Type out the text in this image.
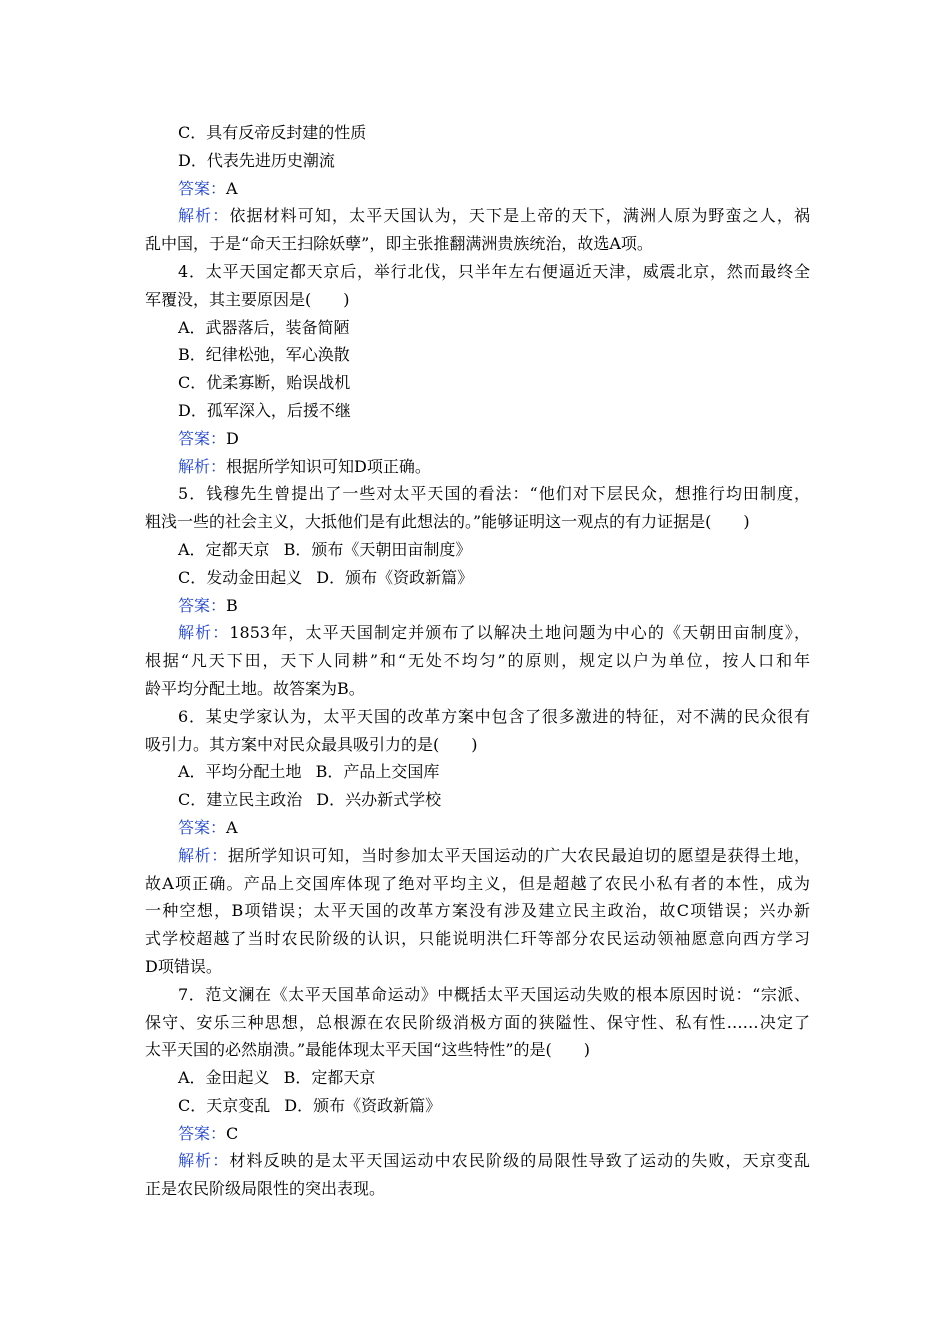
C．具有反帝反封建的性质
D．代表先进历史潮流
答案：A
解析：依据材料可知，太平天国认为，天下是上帝的天下，满洲人原为野蛮之人，祸
乱中国，于是“命天王扫除妖孽”，即主张推翻满洲贵族统治，故选A项。
4．太平天国定都天京后，举行北伐，只半年左右便逼近天津，威震北京，然而最终全
军覆没，其主要原因是(　　)
A．武器落后，装备简陋
B．纪律松弛，军心涣散
C．优柔寡断，贻误战机
D．孤军深入，后援不继
答案：D
解析：根据所学知识可知D项正确。
5．钱穆先生曾提出了一些对太平天国的看法：“他们对下层民众，想推行均田制度，
粗浅一些的社会主义，大抵他们是有此想法的。”能够证明这一观点的有力证据是(　　)
A．定都天京 B．颁布《天朝田亩制度》
C．发动金田起义 D．颁布《资政新篇》
答案：B
解析：1853年，太平天国制定并颁布了以解决土地问题为中心的《天朝田亩制度》，
根据“凡天下田，天下人同耕”和“无处不均匀”的原则，规定以户为单位，按人口和年
龄平均分配土地。故答案为B。
6．某史学家认为，太平天国的改革方案中包含了很多激进的特征，对不满的民众很有
吸引力。其方案中对民众最具吸引力的是(　　)
A．平均分配土地 B．产品上交国库
C．建立民主政治 D．兴办新式学校
答案：A
解析：据所学知识可知，当时参加太平天国运动的广大农民最迫切的愿望是获得土地，
故A项正确。产品上交国库体现了绝对平均主义，但是超越了农民小私有者的本性，成为
一种空想，B项错误；太平天国的改革方案没有涉及建立民主政治，故C项错误；兴办新
式学校超越了当时农民阶级的认识，只能说明洪仁玕等部分农民运动领袖愿意向西方学习
D项错误。
7．范文澜在《太平天国革命运动》中概括太平天国运动失败的根本原因时说：“宗派、
保守、安乐三种思想，总根源在农民阶级消极方面的狭隘性、保守性、私有性……决定了
太平天国的必然崩溃。”最能体现太平天国“这些特性”的是(　　)
A．金田起义 B．定都天京
C．天京变乱 D．颁布《资政新篇》
答案：C
解析：材料反映的是太平天国运动中农民阶级的局限性导致了运动的失败，天京变乱
正是农民阶级局限性的突出表现。
